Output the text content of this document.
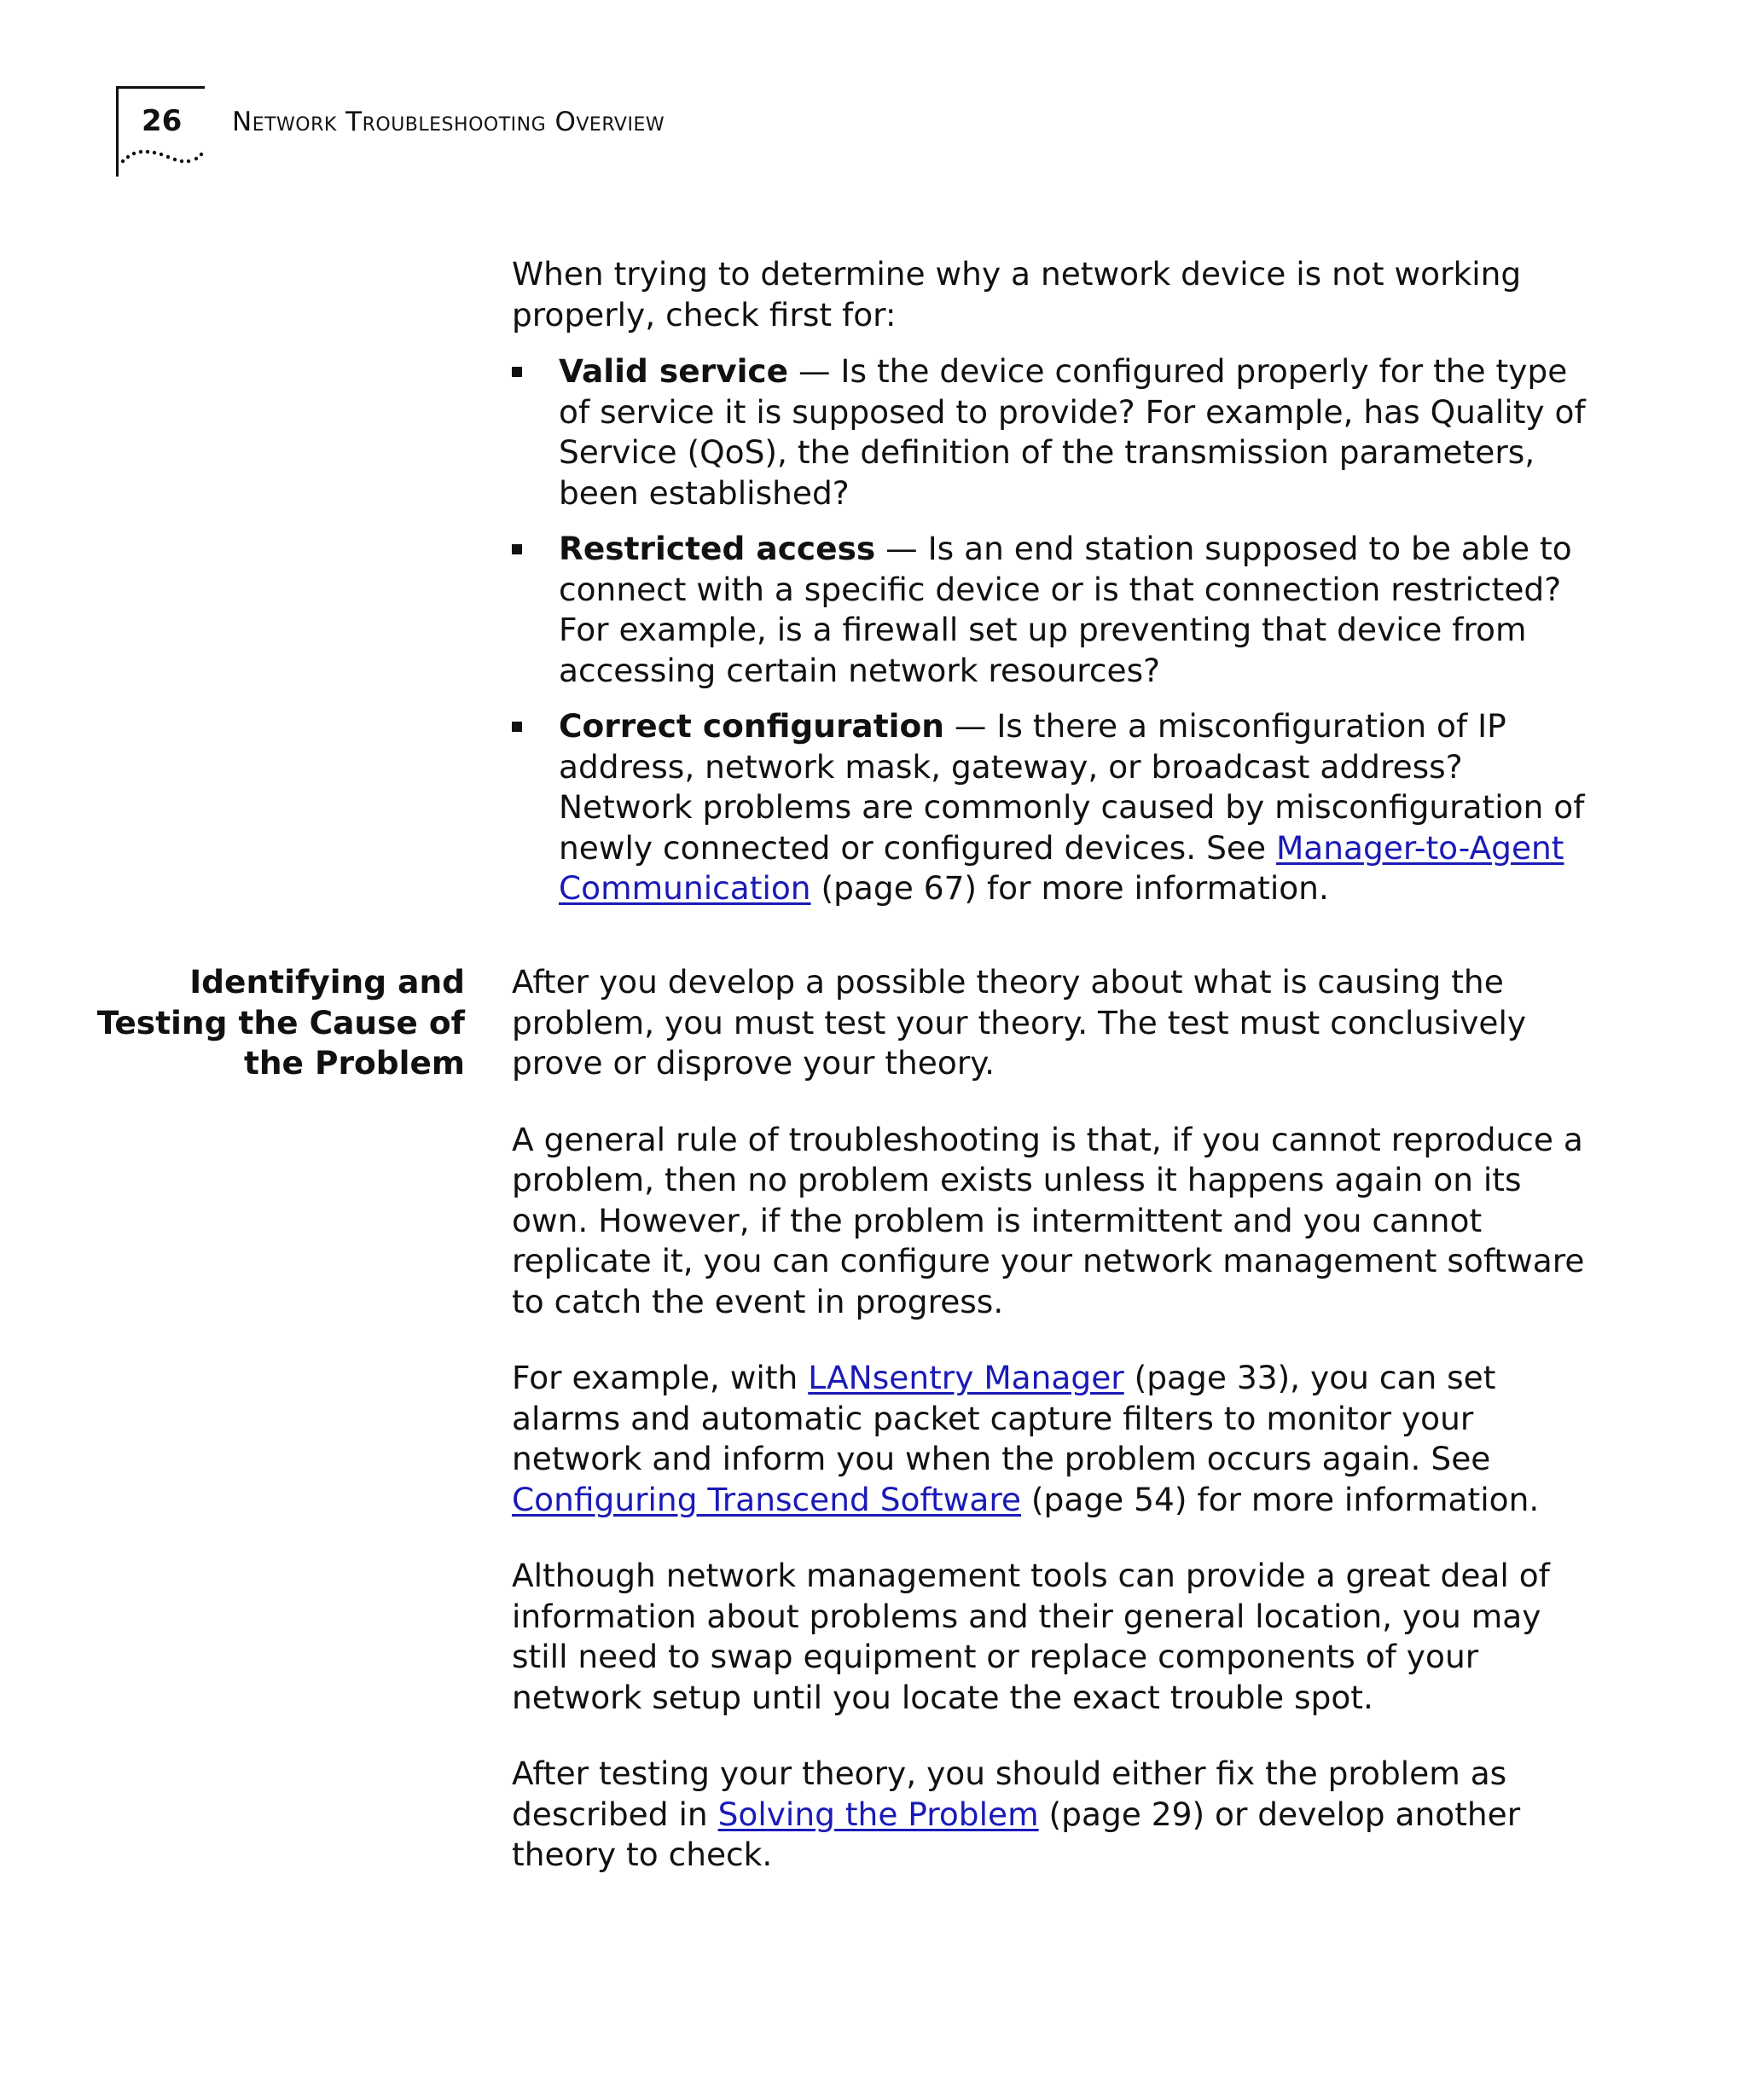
26 Network Troubleshooting Overview

When trying to determine why a network device is not working properly, check first for:

Valid service — Is the device configured properly for the type of service it is supposed to provide? For example, has Quality of Service (QoS), the definition of the transmission parameters, been established?
Restricted access — Is an end station supposed to be able to connect with a specific device or is that connection restricted? For example, is a firewall set up preventing that device from accessing certain network resources?
Correct configuration — Is there a misconfiguration of IP address, network mask, gateway, or broadcast address? Network problems are commonly caused by misconfiguration of newly connected or configured devices. See Manager-to-Agent Communication (page 67) for more information.
Identifying and Testing the Cause of the Problem

After you develop a possible theory about what is causing the problem, you must test your theory. The test must conclusively prove or disprove your theory.

A general rule of troubleshooting is that, if you cannot reproduce a problem, then no problem exists unless it happens again on its own. However, if the problem is intermittent and you cannot replicate it, you can configure your network management software to catch the event in progress.

For example, with LANsentry Manager (page 33), you can set alarms and automatic packet capture filters to monitor your network and inform you when the problem occurs again. See Configuring Transcend Software (page 54) for more information.

Although network management tools can provide a great deal of information about problems and their general location, you may still need to swap equipment or replace components of your network setup until you locate the exact trouble spot.

After testing your theory, you should either fix the problem as described in Solving the Problem (page 29) or develop another theory to check.
